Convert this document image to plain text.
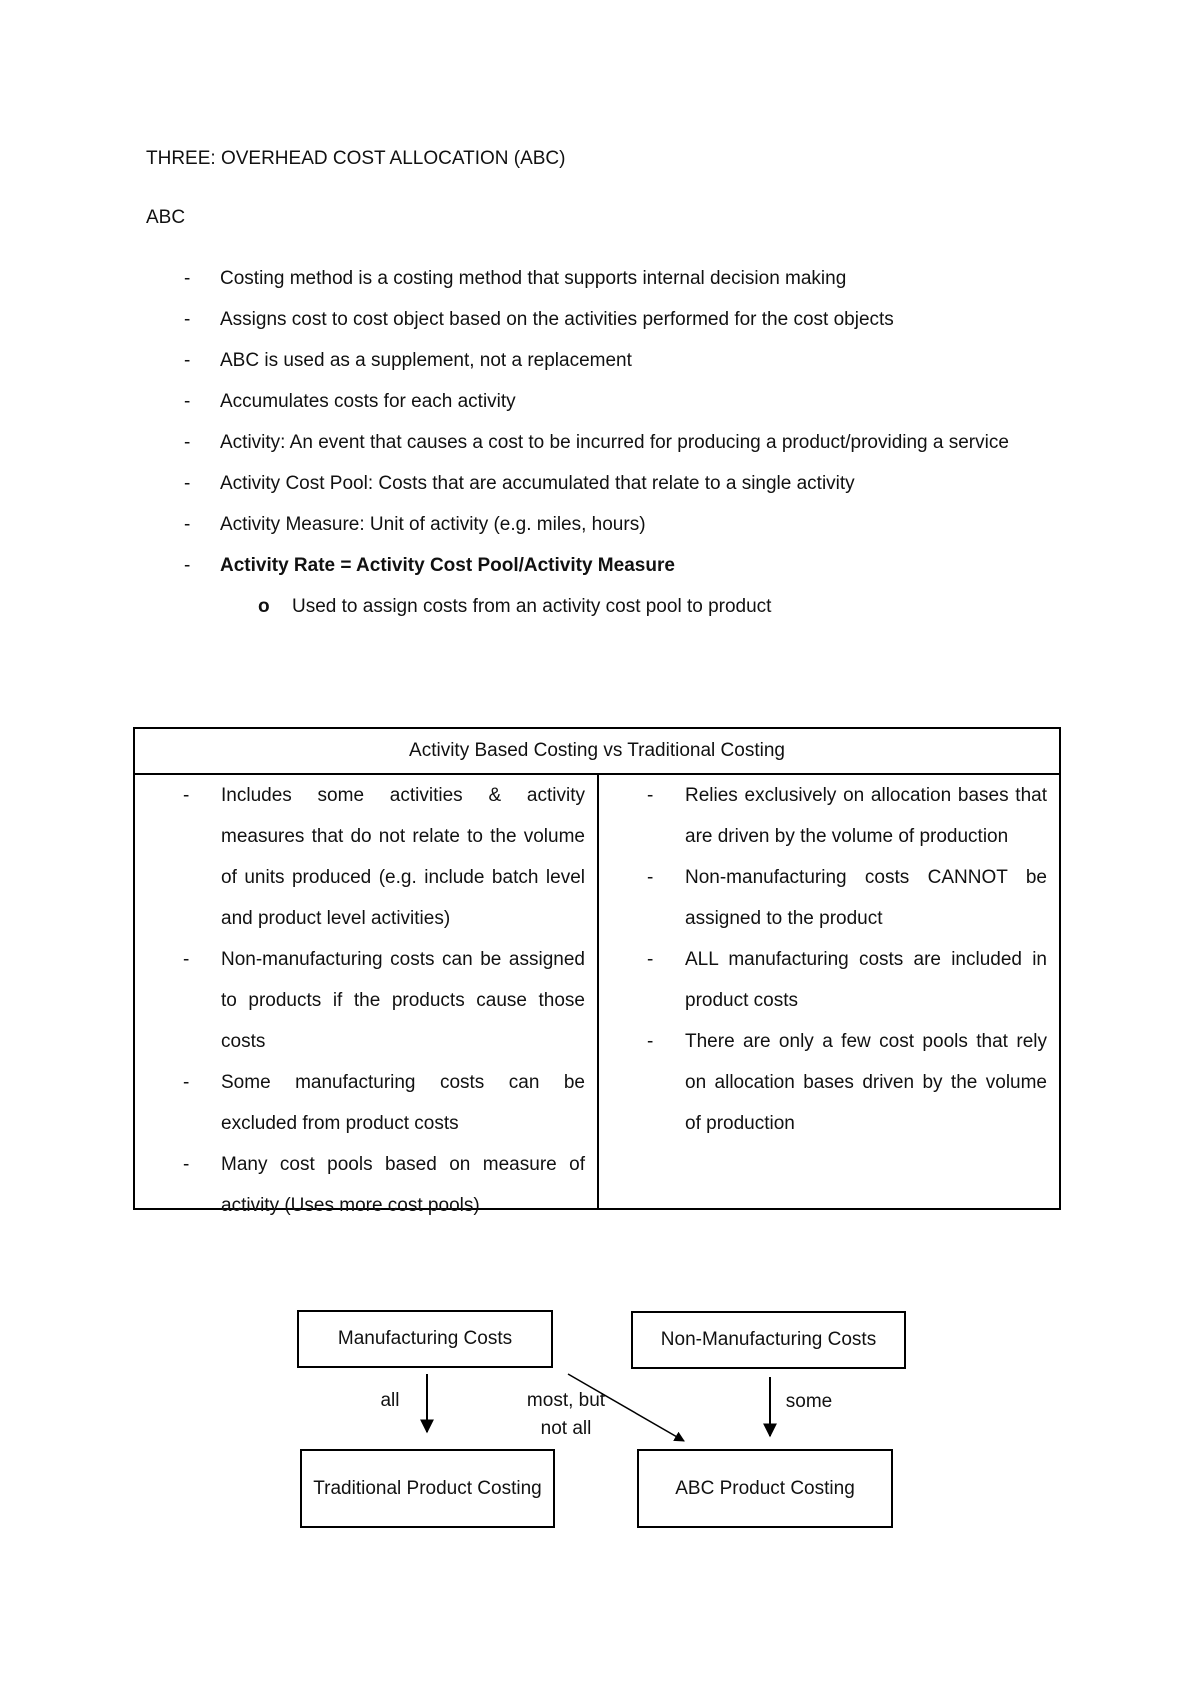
THREE: OVERHEAD COST ALLOCATION (ABC)
ABC
- Costing method is a costing method that supports internal decision making
- Assigns cost to cost object based on the activities performed for the cost objects
- ABC is used as a supplement, not a replacement
- Accumulates costs for each activity
- Activity: An event that causes a cost to be incurred for producing a product/providing a service
- Activity Cost Pool: Costs that are accumulated that relate to a single activity
- Activity Measure: Unit of activity (e.g. miles, hours)
- Activity Rate = Activity Cost Pool/Activity Measure
o Used to assign costs from an activity cost pool to product
Activity Based Costing vs Traditional Costing
- Includes some activities & activity measures that do not relate to the volume of units produced (e.g. include batch level and product level activities)
- Non-manufacturing costs can be assigned to products if the products cause those costs
- Some manufacturing costs can be excluded from product costs
- Many cost pools based on measure of activity (Uses more cost pools)
- Relies exclusively on allocation bases that are driven by the volume of production
- Non-manufacturing costs CANNOT be assigned to the product
- ALL manufacturing costs are included in product costs
- There are only a few cost pools that rely on allocation bases driven by the volume of production
Manufacturing Costs	Non-Manufacturing Costs
Traditional Product Costing	ABC Product Costing
all	most, but not all
some
